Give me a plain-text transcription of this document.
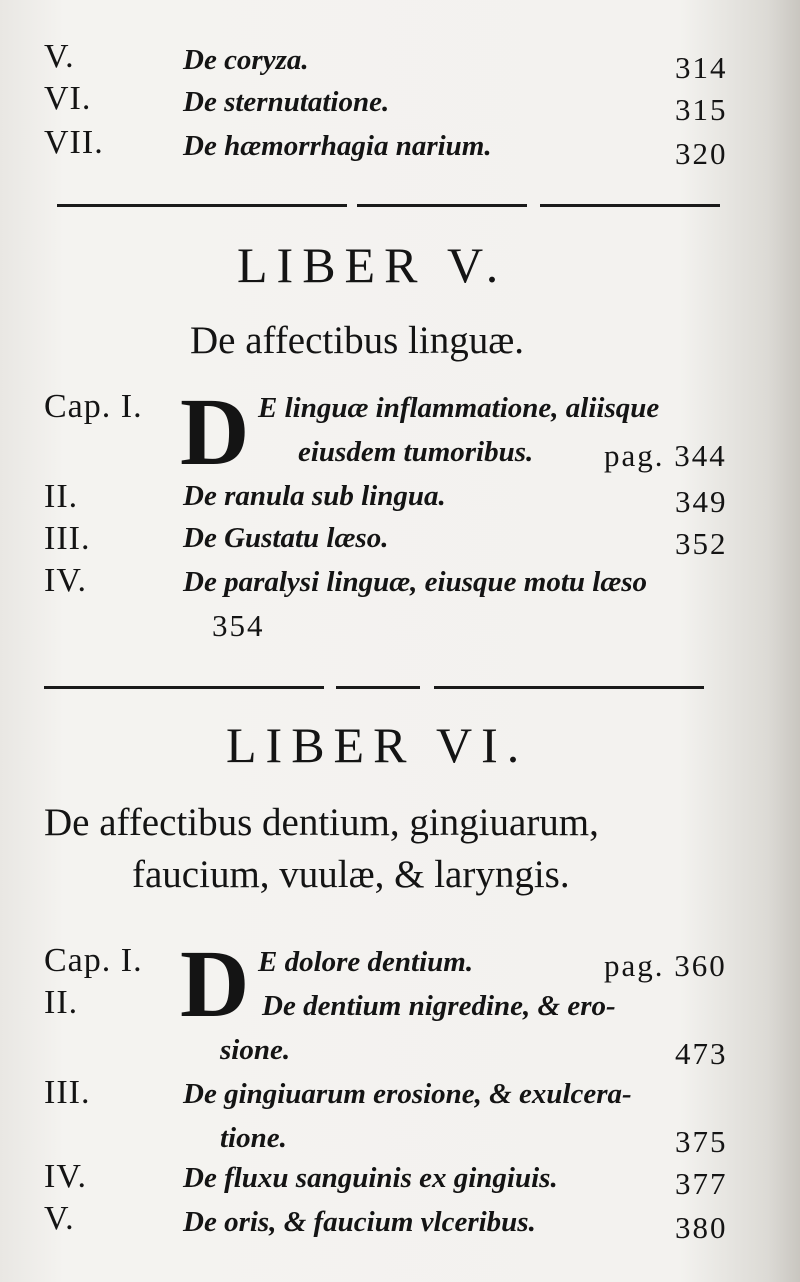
V.	De coryza.	314
VI.	De sternutatione.	315
VII.	De hæmorrhagia narium.	320
LIBER V.
De affectibus linguæ.
Cap. I. D E linguæ inflammatione, aliisque
eiusdem tumoribus. pag. 344
II.	De ranula sub lingua.	349
III.	De Gustatu læso.	352
IV.	De paralysi linguæ, eiusque motu læso
354
LIBER VI.
De affectibus dentium, gingiuarum,
faucium, vuulæ, & laryngis.
Cap. I. D E dolore dentium.	pag. 360
II.	De dentium nigredine, & ero-
sione.	473
III.	De gingiuarum erosione, & exulcera-
tione.	375
IV.	De fluxu sanguinis ex gingiuis.	377
V.	De oris, & faucium vlceribus.	380
